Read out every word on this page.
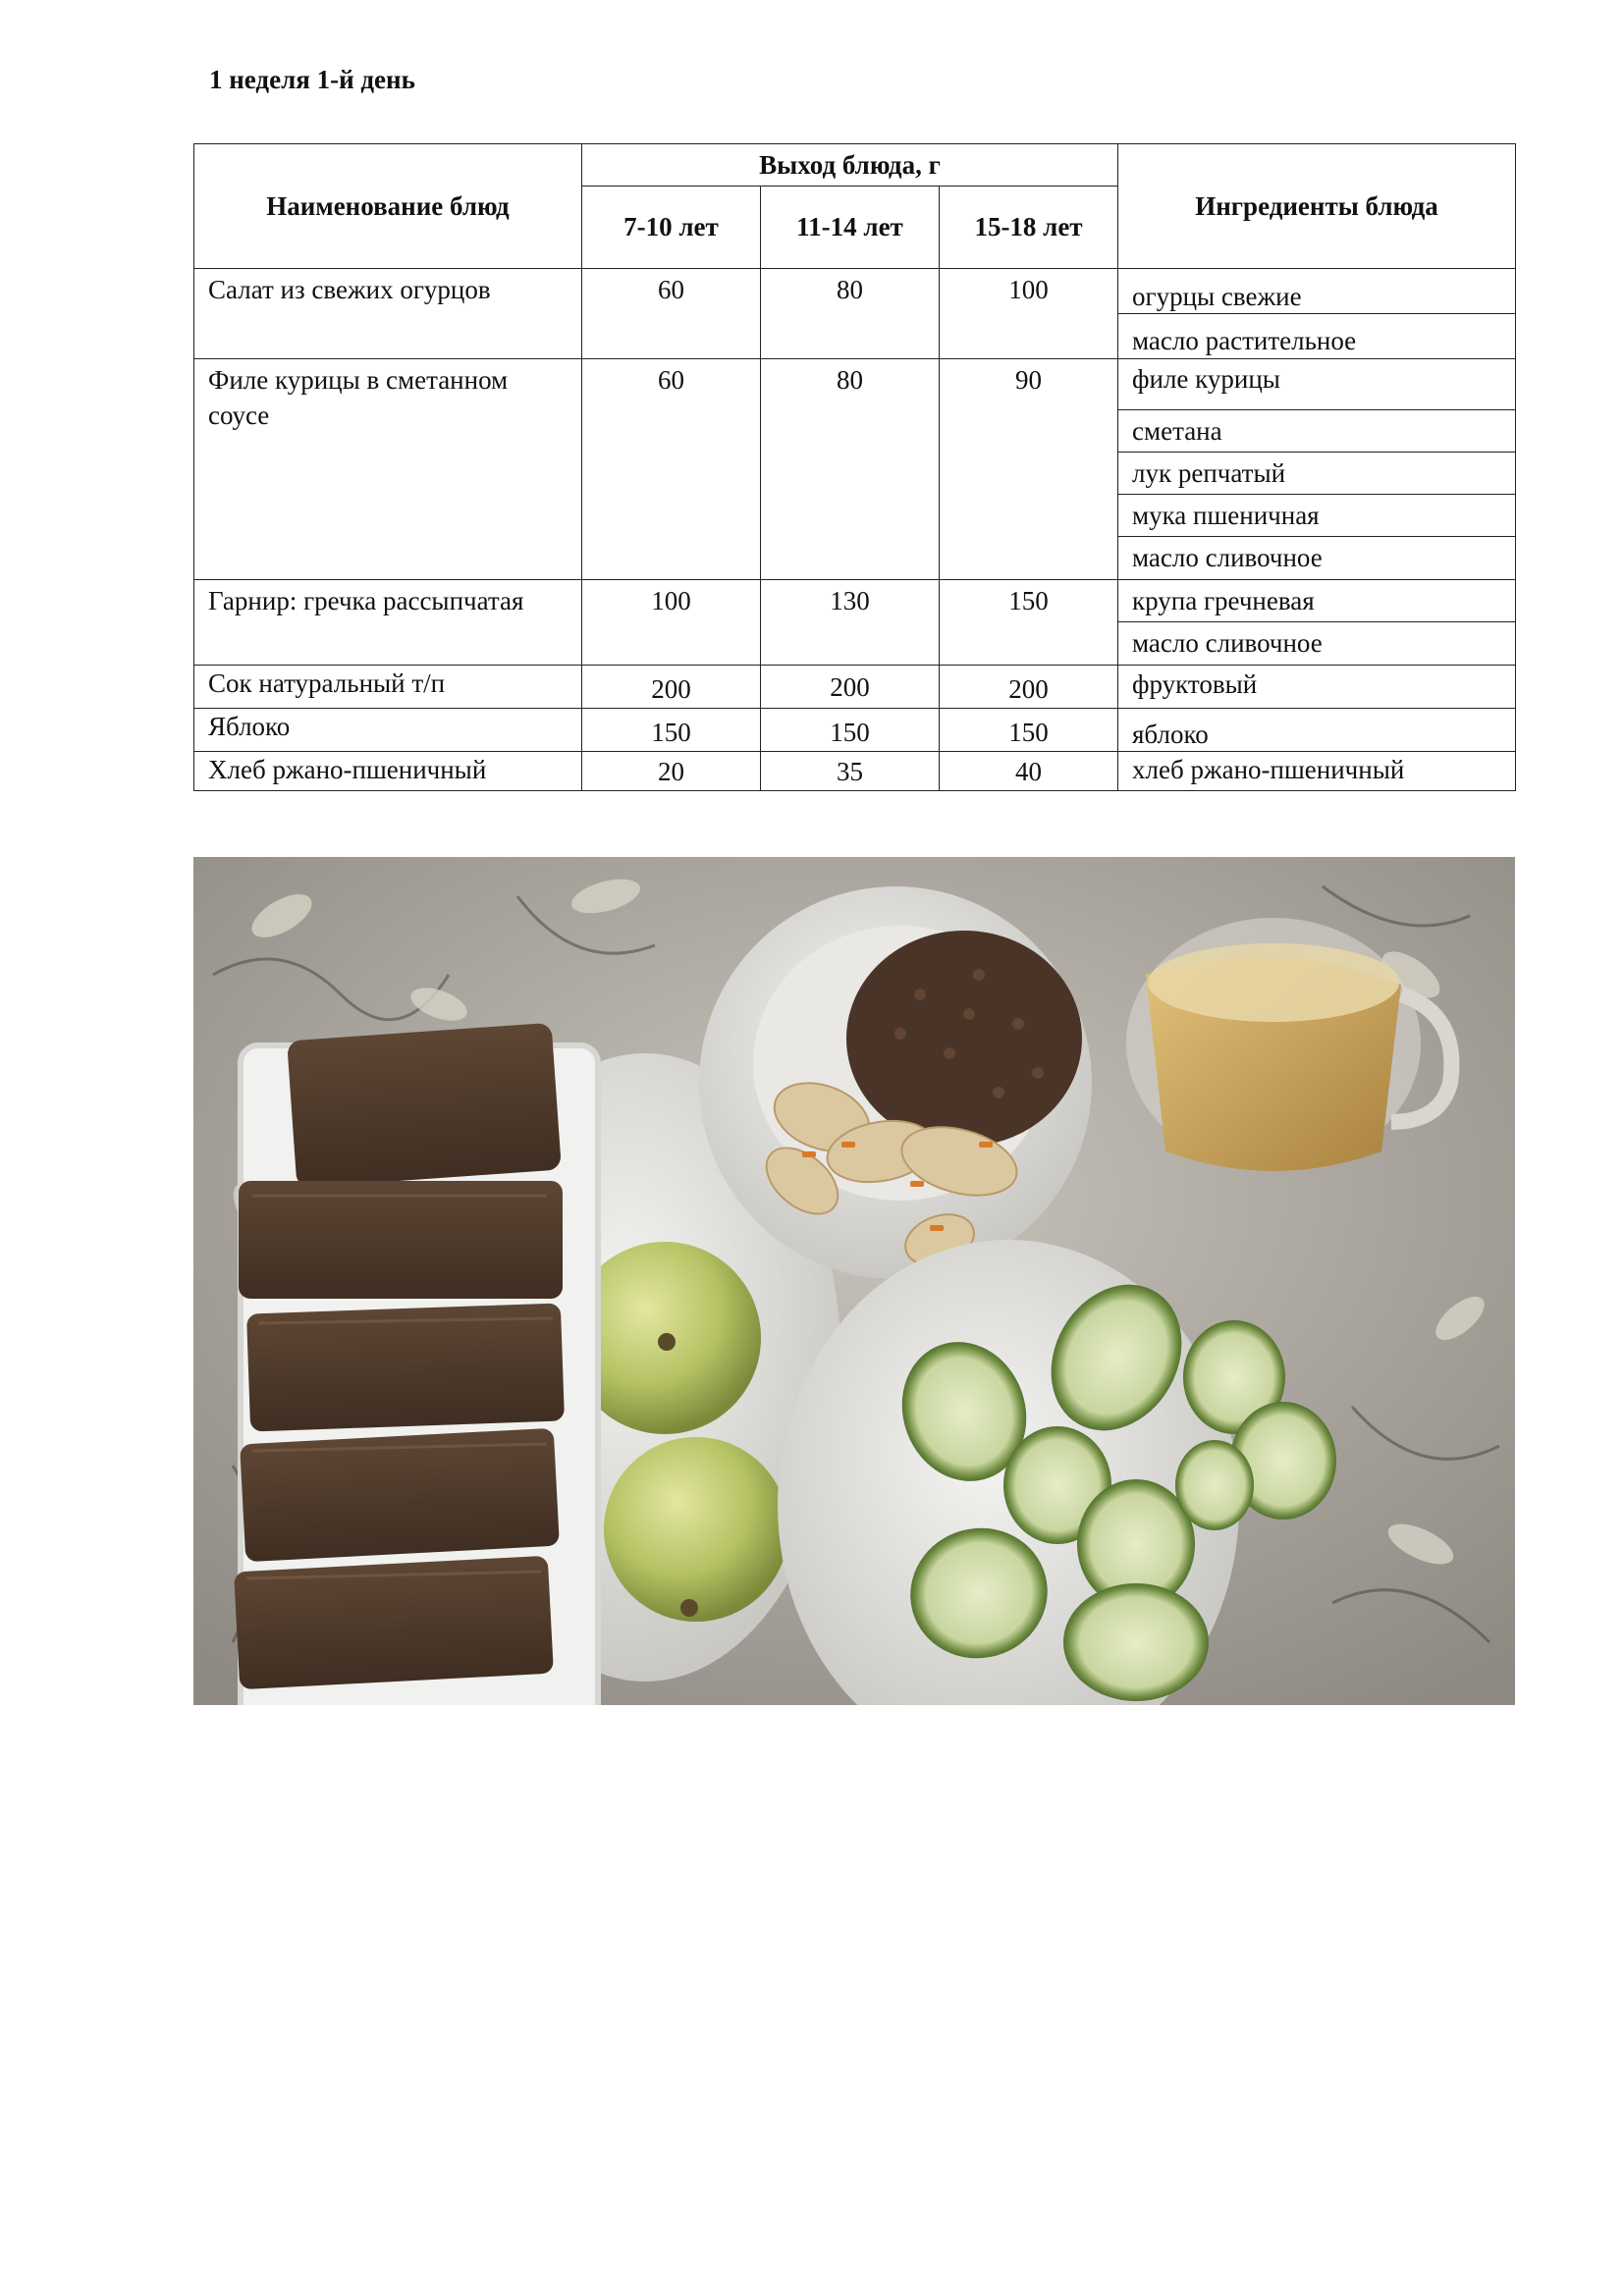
1 неделя 1-й день
Наименование блюд	Выход блюда, г			Ингредиенты блюда
	7-10 лет	11-14 лет	15-18 лет	
Салат из свежих огурцов	60	80	100	огурцы свежие
масло растительное

Филе курицы в сметанном соусе	60	80	90	филе курицы
сметана
лук репчатый
мука пшеничная
масло сливочное

Гарнир: гречка рассыпчатая	100	130	150	крупа гречневая
масло сливочное

Сок натуральный т/п	200	200	200	фруктовый

Яблоко	150	150	150	яблоко

Хлеб ржано-пшеничный	20	35	40	хлеб ржано-пшеничный
